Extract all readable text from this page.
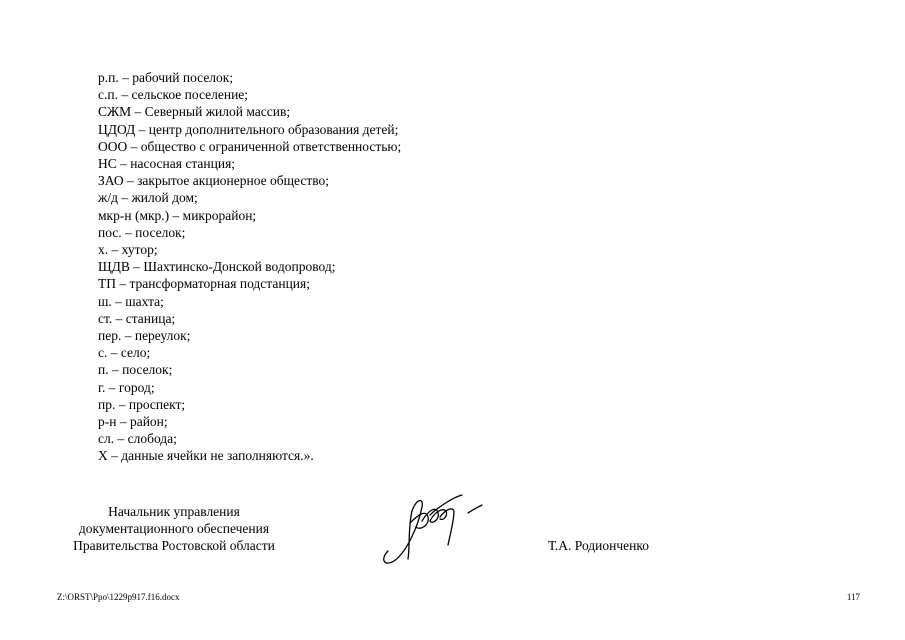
р.п. – рабочий поселок;
с.п. – сельское поселение;
СЖМ – Северный жилой массив;
ЦДОД – центр дополнительного образования детей;
ООО – общество с ограниченной ответственностью;
НС – насосная станция;
ЗАО – закрытое акционерное общество;
ж/д – жилой дом;
мкр-н (мкр.) – микрорайон;
пос. – поселок;
х. – хутор;
ЩДВ – Шахтинско-Донской водопровод;
ТП – трансформаторная подстанция;
ш. – шахта;
ст. – станица;
пер. – переулок;
с. – село;
п. – поселок;
г. – город;
пр. – проспект;
р-н – район;
сл. – слобода;
Х – данные ячейки не заполняются.».
Начальник управления
документационного обеспечения
Правительства Ростовской области	Т.А. Родионченко
Z:\ORST\Ppo\1229p917.f16.docx	117
